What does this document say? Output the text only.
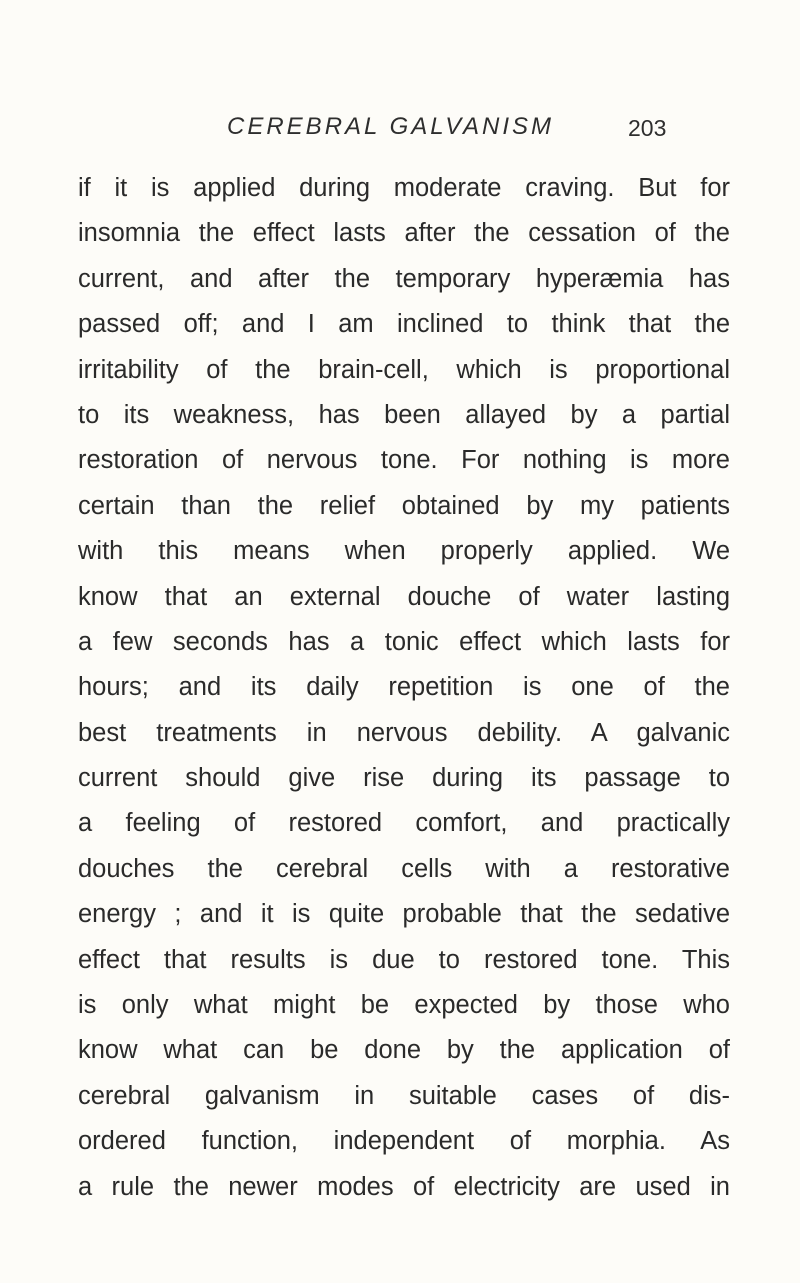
CEREBRAL GALVANISM	203
if it is applied during moderate craving. But for
insomnia the effect lasts after the cessation of the
current, and after the temporary hyperæmia has
passed off; and I am inclined to think that the
irritability of the brain-cell, which is proportional
to its weakness, has been allayed by a partial
restoration of nervous tone. For nothing is more
certain than the relief obtained by my patients
with this means when properly applied. We
know that an external douche of water lasting
a few seconds has a tonic effect which lasts for
hours; and its daily repetition is one of the
best treatments in nervous debility. A galvanic
current should give rise during its passage to
a feeling of restored comfort, and practically
douches the cerebral cells with a restorative
energy ; and it is quite probable that the sedative
effect that results is due to restored tone. This
is only what might be expected by those who
know what can be done by the application of
cerebral galvanism in suitable cases of dis-
ordered function, independent of morphia. As
a rule the newer modes of electricity are used in
